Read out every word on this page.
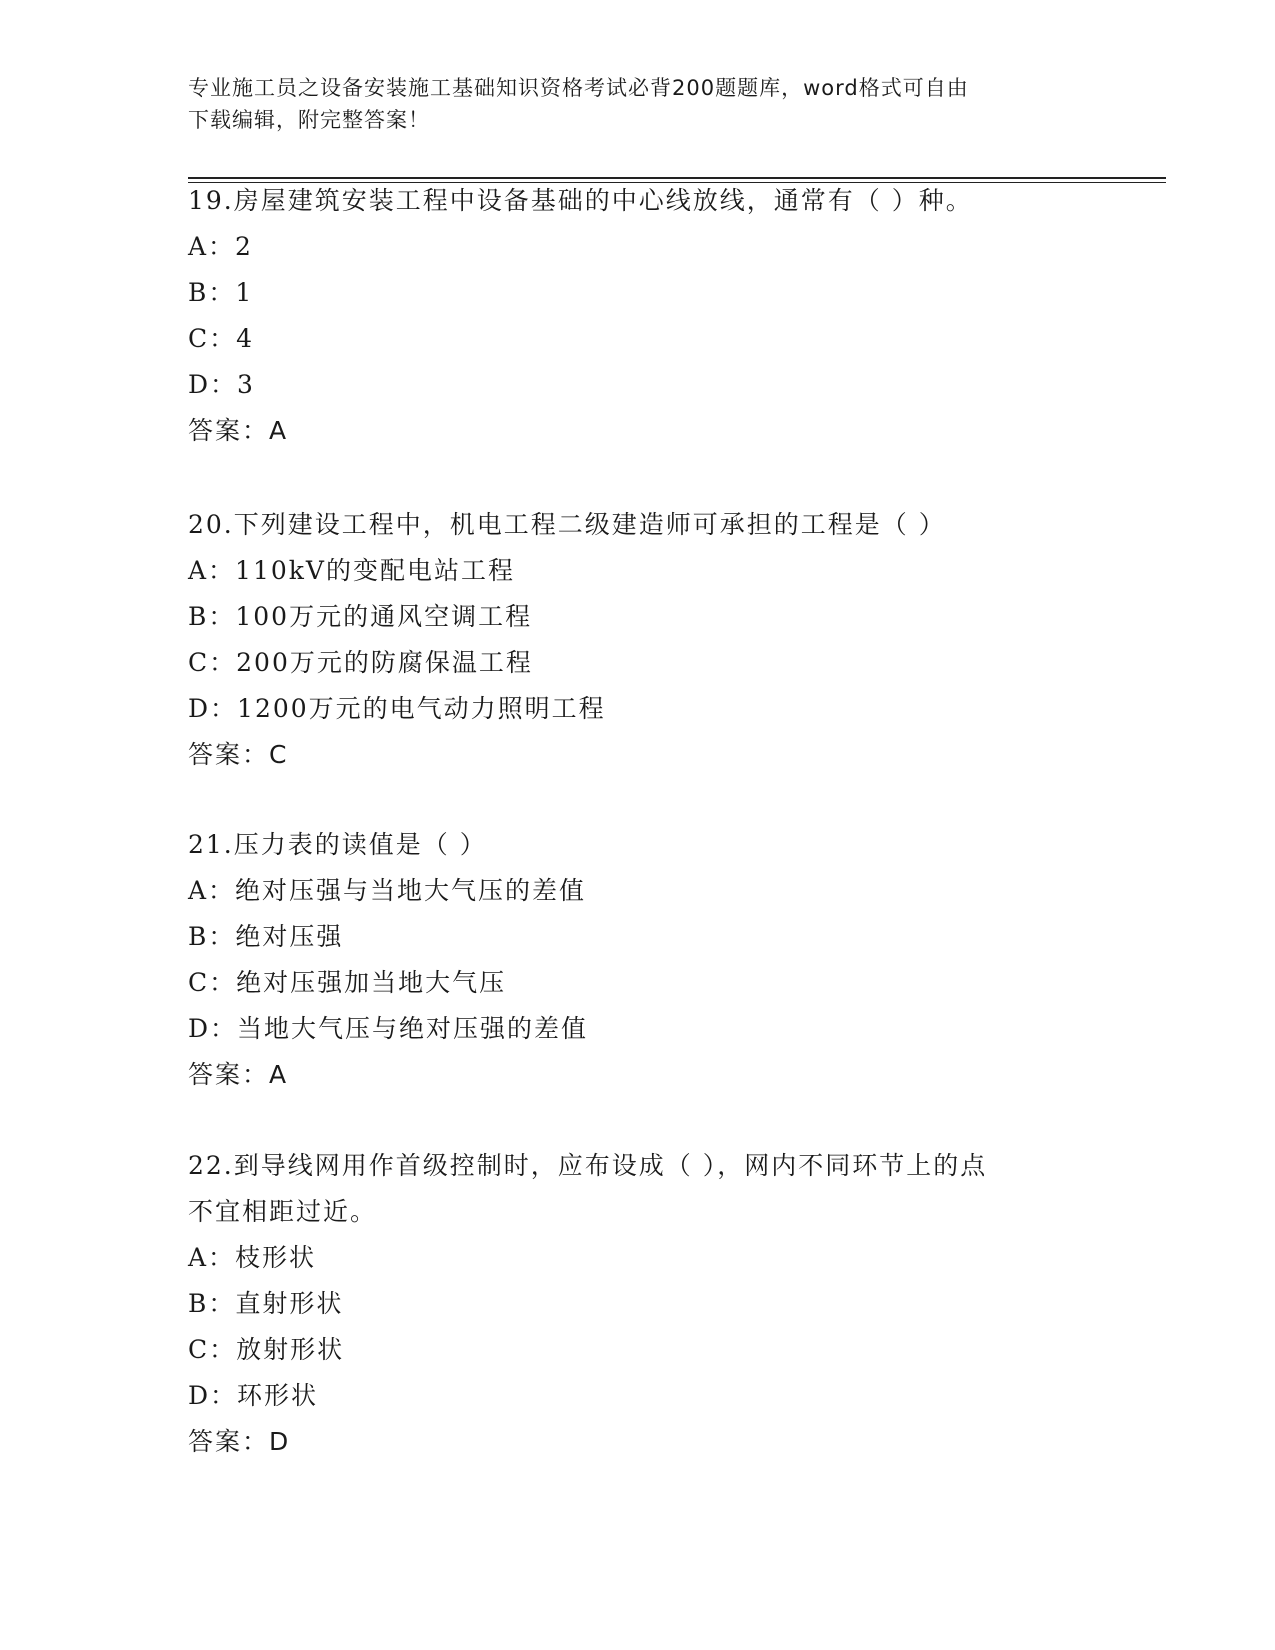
专业施工员之设备安装施工基础知识资格考试必背200题题库，word格式可自由
下载编辑，附完整答案！
19.房屋建筑安装工程中设备基础的中心线放线，通常有（ ）种。
A：2
B：1
C：4
D：3
答案：A
20.下列建设工程中，机电工程二级建造师可承担的工程是（ ）
A：110kV的变配电站工程
B：100万元的通风空调工程
C：200万元的防腐保温工程
D：1200万元的电气动力照明工程
答案：C
21.压力表的读值是（ ）
A：绝对压强与当地大气压的差值
B：绝对压强
C：绝对压强加当地大气压
D：当地大气压与绝对压强的差值
答案：A
22.到导线网用作首级控制时，应布设成（ ），网内不同环节上的点
不宜相距过近。
A：枝形状
B：直射形状
C：放射形状
D：环形状
答案：D
